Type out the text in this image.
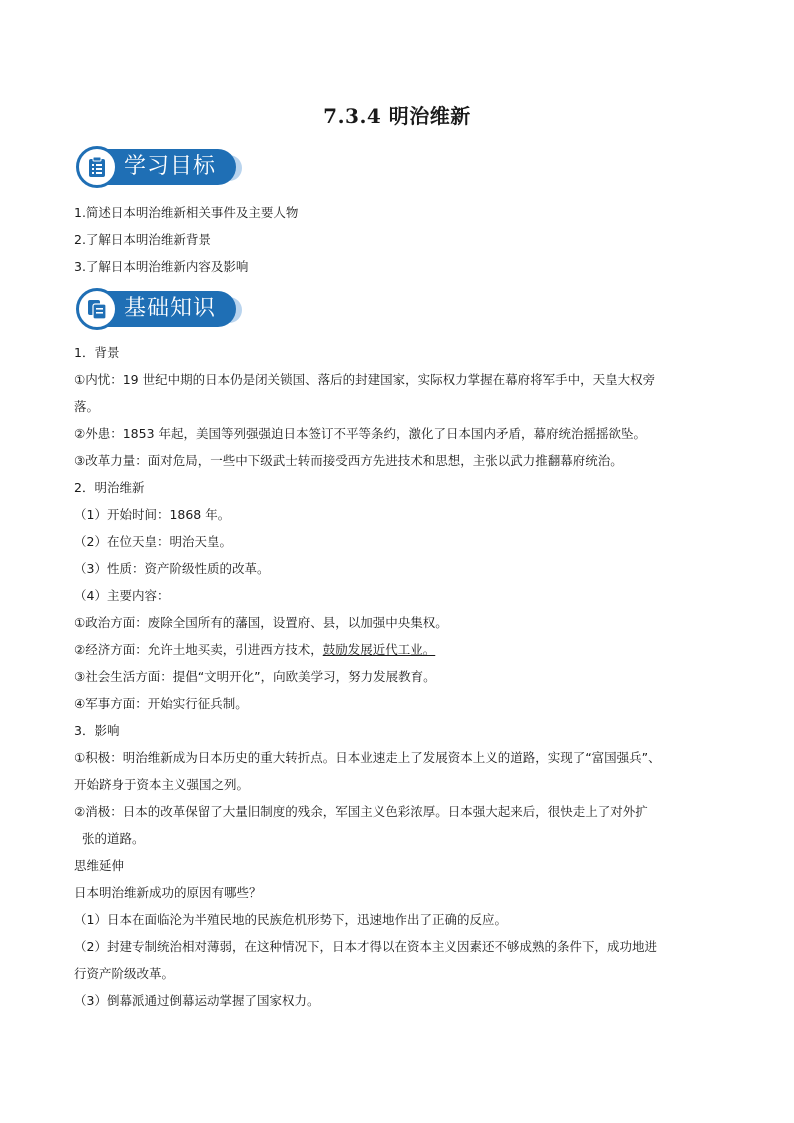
7.3.4 明治维新
学习目标
1.简述日本明治维新相关事件及主要人物
2.了解日本明治维新背景
3.了解日本明治维新内容及影响
基础知识
1．背景
①内忧：19 世纪中期的日本仍是闭关锁国、落后的封建国家，实际权力掌握在幕府将军手中，天皇大权旁
落。
②外患：1853 年起，美国等列强强迫日本签订不平等条约，激化了日本国内矛盾，幕府统治摇摇欲坠。
③改革力量：面对危局，一些中下级武士转而接受西方先进技术和思想，主张以武力推翻幕府统治。
2．明治维新
（1）开始时间：1868 年。
（2）在位天皇：明治天皇。
（3）性质：资产阶级性质的改革。
（4）主要内容：
①政治方面：废除全国所有的藩国，设置府、县，以加强中央集权。
②经济方面：允许土地买卖，引进西方技术，鼓励发展近代工业。
③社会生活方面：提倡“文明开化”，向欧美学习，努力发展教育。
④军事方面：开始实行征兵制。
3．影响
①积极：明治维新成为日本历史的重大转折点。日本业速走上了发展资本上义的道路，实现了“富国强兵”、
开始跻身于资本主义强国之列。
②消极：日本的改革保留了大量旧制度的残余，军国主义色彩浓厚。日本强大起来后，很快走上了对外扩
张的道路。
思维延伸
日本明治维新成功的原因有哪些？
（1）日本在面临沦为半殖民地的民族危机形势下，迅速地作出了正确的反应。
（2）封建专制统治相对薄弱，在这种情况下，日本才得以在资本主义因素还不够成熟的条件下，成功地进
行资产阶级改革。
（3）倒幕派通过倒幕运动掌握了国家权力。
